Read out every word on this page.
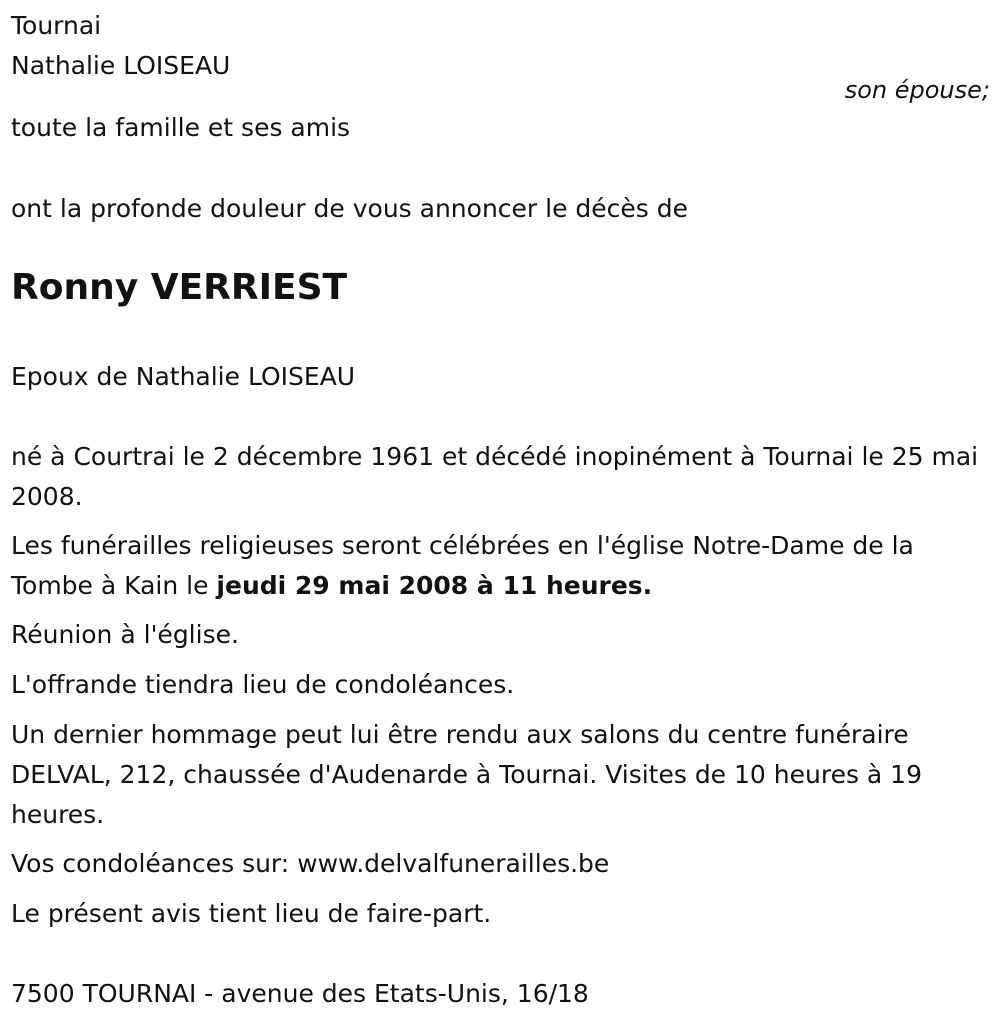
Tournai

Nathalie LOISEAU

son épouse;

toute la famille et ses amis

ont la profonde douleur de vous annoncer le décès de

Ronny VERRIEST

Epoux de Nathalie LOISEAU

né à Courtrai le 2 décembre 1961 et décédé inopinément à Tournai le 25 mai 2008.

Les funérailles religieuses seront célébrées en l'église Notre-Dame de la Tombe à Kain le jeudi 29 mai 2008 à 11 heures.

Réunion à l'église.

L'offrande tiendra lieu de condoléances.

Un dernier hommage peut lui être rendu aux salons du centre funéraire DELVAL, 212, chaussée d'Audenarde à Tournai. Visites de 10 heures à 19 heures.

Vos condoléances sur: www.delvalfunerailles.be

Le présent avis tient lieu de faire-part.

7500 TOURNAI - avenue des Etats-Unis, 16/18
